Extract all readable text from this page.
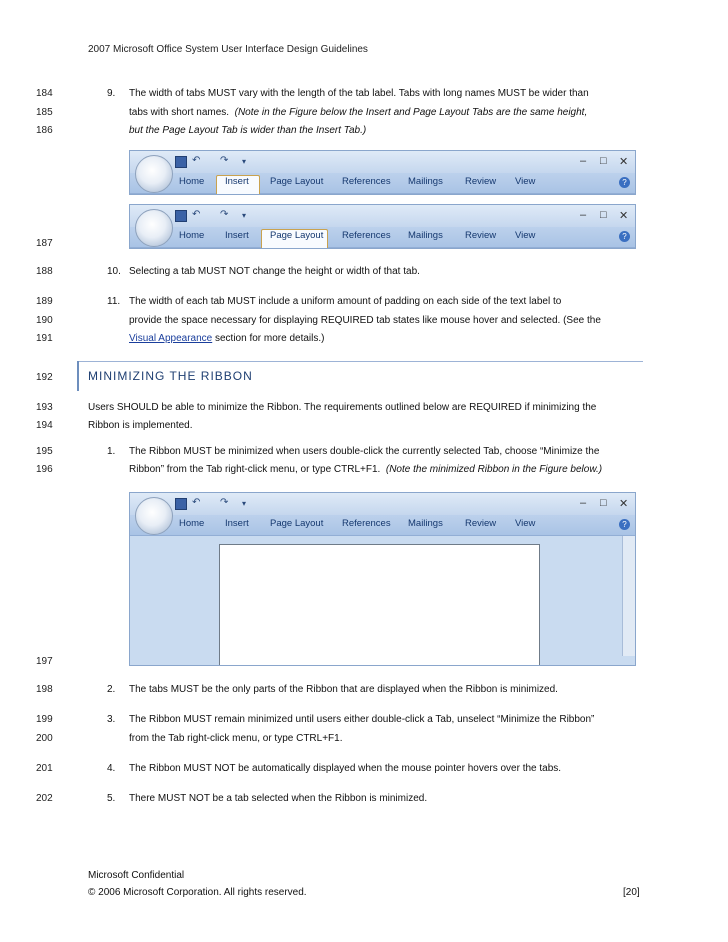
2007 Microsoft Office System User Interface Design Guidelines
184
185
186
9. The width of tabs MUST vary with the length of the tab label. Tabs with long names MUST be wider than
tabs with short names. (Note in the Figure below the Insert and Page Layout Tabs are the same height,
but the Page Layout Tab is wider than the Insert Tab.)
↶ ↷ ▾	– □ ✕
Home Insert Page Layout References Mailings Review View	?
187
↶ ↷ ▾	– □ ✕
Home Insert Page Layout References Mailings Review View	?
188	10. Selecting a tab MUST NOT change the height or width of that tab.
189
190
191
11. The width of each tab MUST include a uniform amount of padding on each side of the text label to
provide the space necessary for displaying REQUIRED tab states like mouse hover and selected. (See the
Visual Appearance section for more details.)
192	MINIMIZING THE RIBBON
193
194
Users SHOULD be able to minimize the Ribbon. The requirements outlined below are REQUIRED if minimizing the
Ribbon is implemented.
195
196
1. The Ribbon MUST be minimized when users double-click the currently selected Tab, choose “Minimize the
Ribbon” from the Tab right-click menu, or type CTRL+F1. (Note the minimized Ribbon in the Figure below.)
197
↶ ↷ ▾	– □ ✕
Home Insert Page Layout References Mailings Review View	?
198	2. The tabs MUST be the only parts of the Ribbon that are displayed when the Ribbon is minimized.
199
200
3. The Ribbon MUST remain minimized until users either double-click a Tab, unselect “Minimize the Ribbon”
from the Tab right-click menu, or type CTRL+F1.
201	4. The Ribbon MUST NOT be automatically displayed when the mouse pointer hovers over the tabs.
202	5. There MUST NOT be a tab selected when the Ribbon is minimized.
Microsoft Confidential
© 2006 Microsoft Corporation. All rights reserved.	[20]
